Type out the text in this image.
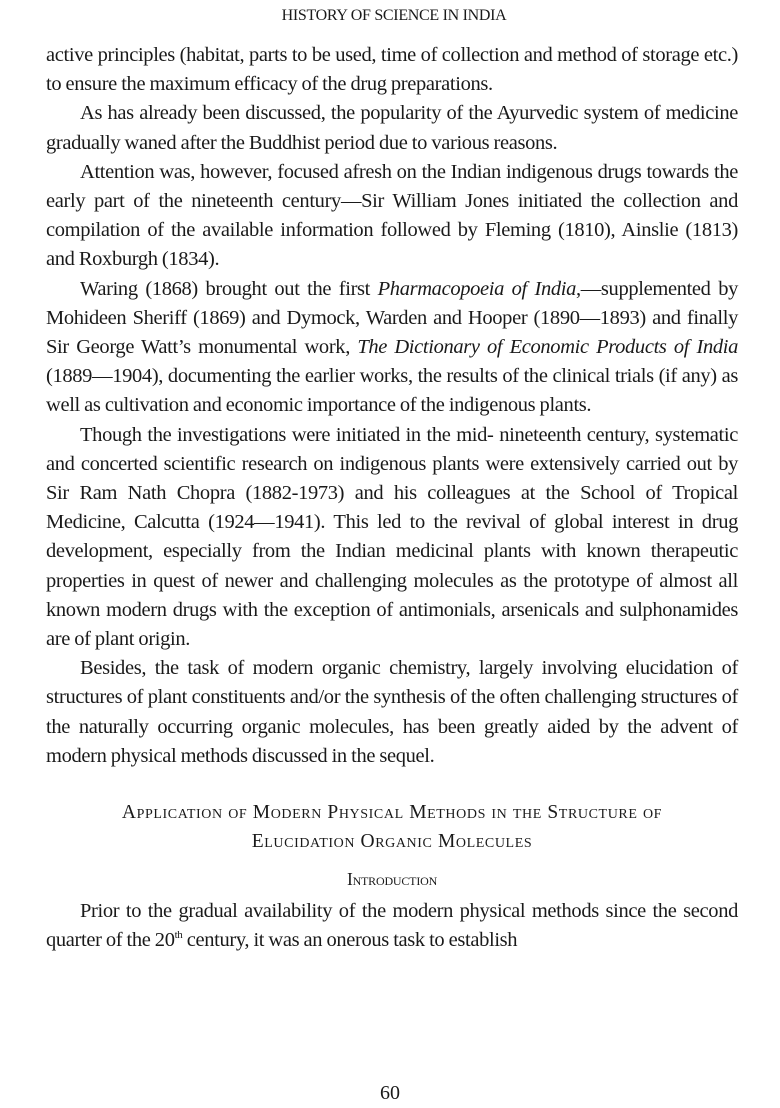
HISTORY OF SCIENCE IN INDIA

active principles (habitat, parts to be used, time of collection and method of storage etc.) to ensure the maximum efficacy of the drug preparations.

As has already been discussed, the popularity of the Ayurvedic system of medicine gradually waned after the Buddhist period due to various reasons.

Attention was, however, focused afresh on the Indian indigenous drugs towards the early part of the nineteenth century—Sir William Jones initiated the collection and compilation of the available information followed by Fleming (1810), Ainslie (1813) and Roxburgh (1834).

Waring (1868) brought out the first Pharmacopoeia of India,—supplemented by Mohideen Sheriff (1869) and Dymock, Warden and Hooper (1890—1893) and finally Sir George Watt’s monumental work, The Dictionary of Economic Products of India (1889—1904), documenting the earlier works, the results of the clinical trials (if any) as well as cultivation and economic importance of the indigenous plants.

Though the investigations were initiated in the mid- nineteenth century, systematic and concerted scientific research on indigenous plants were extensively carried out by Sir Ram Nath Chopra (1882-1973) and his colleagues at the School of Tropical Medicine, Calcutta (1924—1941). This led to the revival of global interest in drug development, especially from the Indian medicinal plants with known therapeutic properties in quest of newer and challenging molecules as the prototype of almost all known modern drugs with the exception of antimonials, arsenicals and sulphonamides are of plant origin.

Besides, the task of modern organic chemistry, largely involving elucidation of structures of plant constituents and/or the synthesis of the often challenging structures of the naturally occurring organic molecules, has been greatly aided by the advent of modern physical methods discussed in the sequel.

Application of Modern Physical Methods in the Structure of
Elucidation Organic Molecules
Introduction

Prior to the gradual availability of the modern physical methods since the second quarter of the 20th century, it was an onerous task to establish

60
